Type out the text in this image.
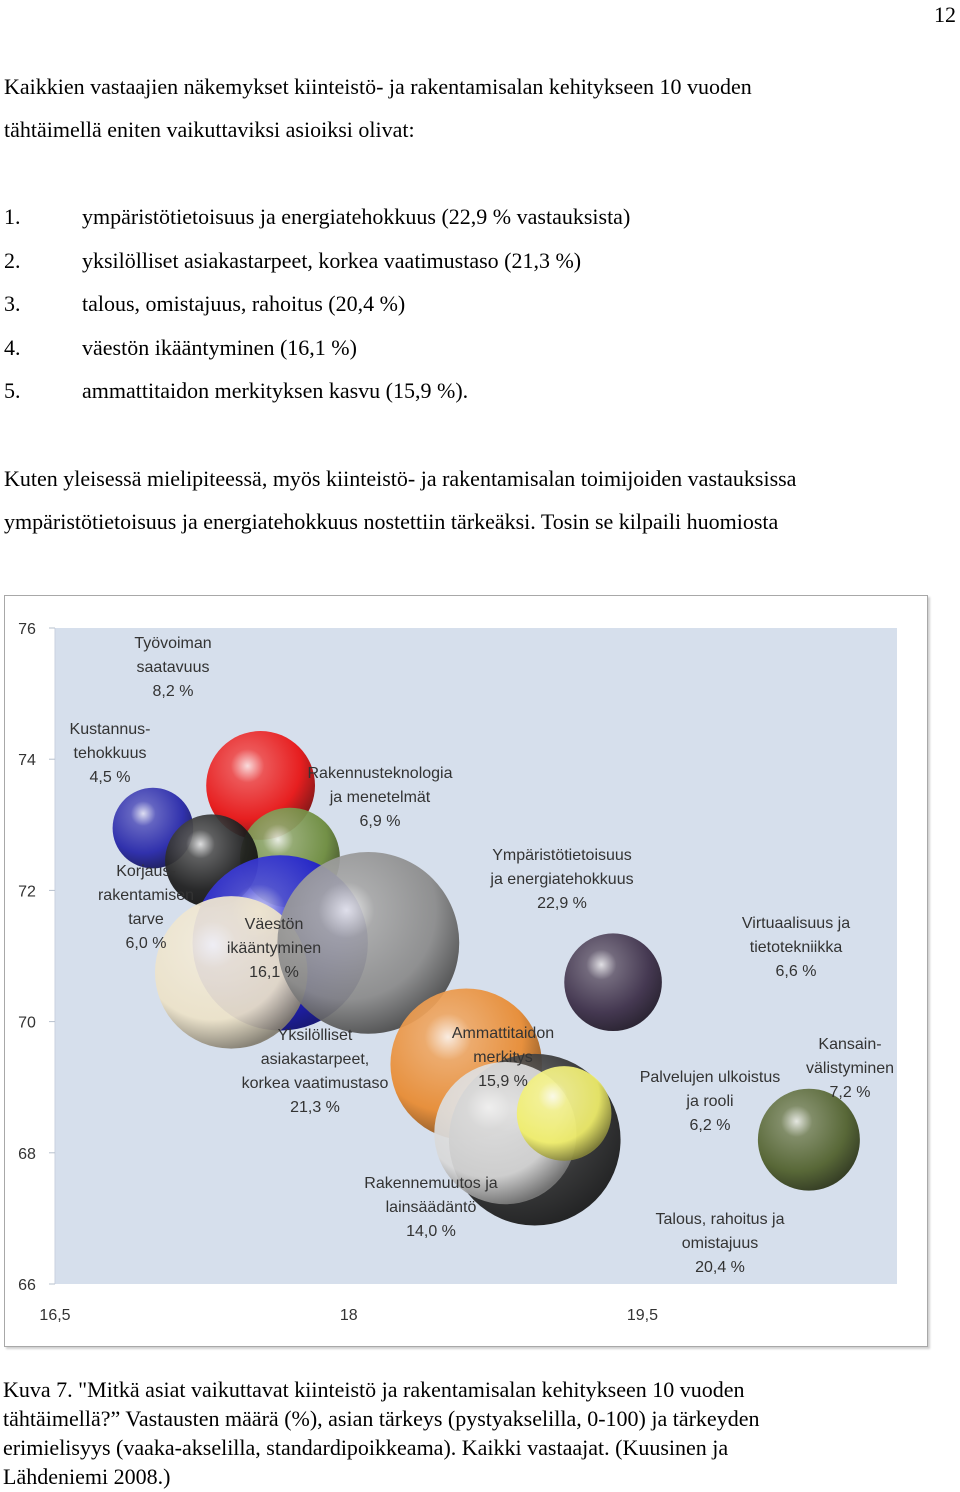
12

Kaikkien vastaajien näkemykset kiinteistö- ja rakentamisalan kehitykseen 10 vuoden
tähtäimellä eniten vaikuttaviksi asioiksi olivat:

1.	ympäristötietoisuus ja energiatehokkuus (22,9 % vastauksista)
2.	yksilölliset asiakastarpeet, korkea vaatimustaso (21,3 %)
3.	talous, omistajuus, rahoitus (20,4 %)
4.	väestön ikääntyminen (16,1 %)
5.	ammattitaidon merkityksen kasvu (15,9 %).

Kuten yleisessä mielipiteessä, myös kiinteistö- ja rakentamisalan toimijoiden vastauksissa
ympäristötietoisuus ja energiatehokkuus nostettiin tärkeäksi. Tosin se kilpaili huomiosta

76
74
72
70
68
66
16,5	18	19,5
Työvoiman
saatavuus
8,2 %
Kustannus-
tehokkuus
4,5 %	Rakennusteknologia
ja menetelmät
6,9 %
Korjaus-
rakentamisen
tarve
6,0 %
Yksilölliset
asiakastarpeet,
korkea vaatimustaso
21,3 %
Väestön
ikääntyminen
16,1 %
Ympäristötietoisuus
ja energiatehokkuus
22,9 %
Ammattitaidon
merkitys
15,9 %
Virtuaalisuus ja
tietotekniikka
6,6 %
Kansain-
välistyminen
7,2 %
Talous, rahoitus ja
omistajuus
20,4 %
Rakennemuutos ja
lainsäädäntö
14,0 %
Palvelujen ulkoistus
ja rooli
6,2 %

Kuva 7. "Mitkä asiat vaikuttavat kiinteistö ja rakentamisalan kehitykseen 10 vuoden
tähtäimellä?” Vastausten määrä (%), asian tärkeys (pystyakselilla, 0-100) ja tärkeyden
erimielisyys (vaaka-akselilla, standardipoikkeama). Kaikki vastaajat. (Kuusinen ja
Lähdeniemi 2008.)
